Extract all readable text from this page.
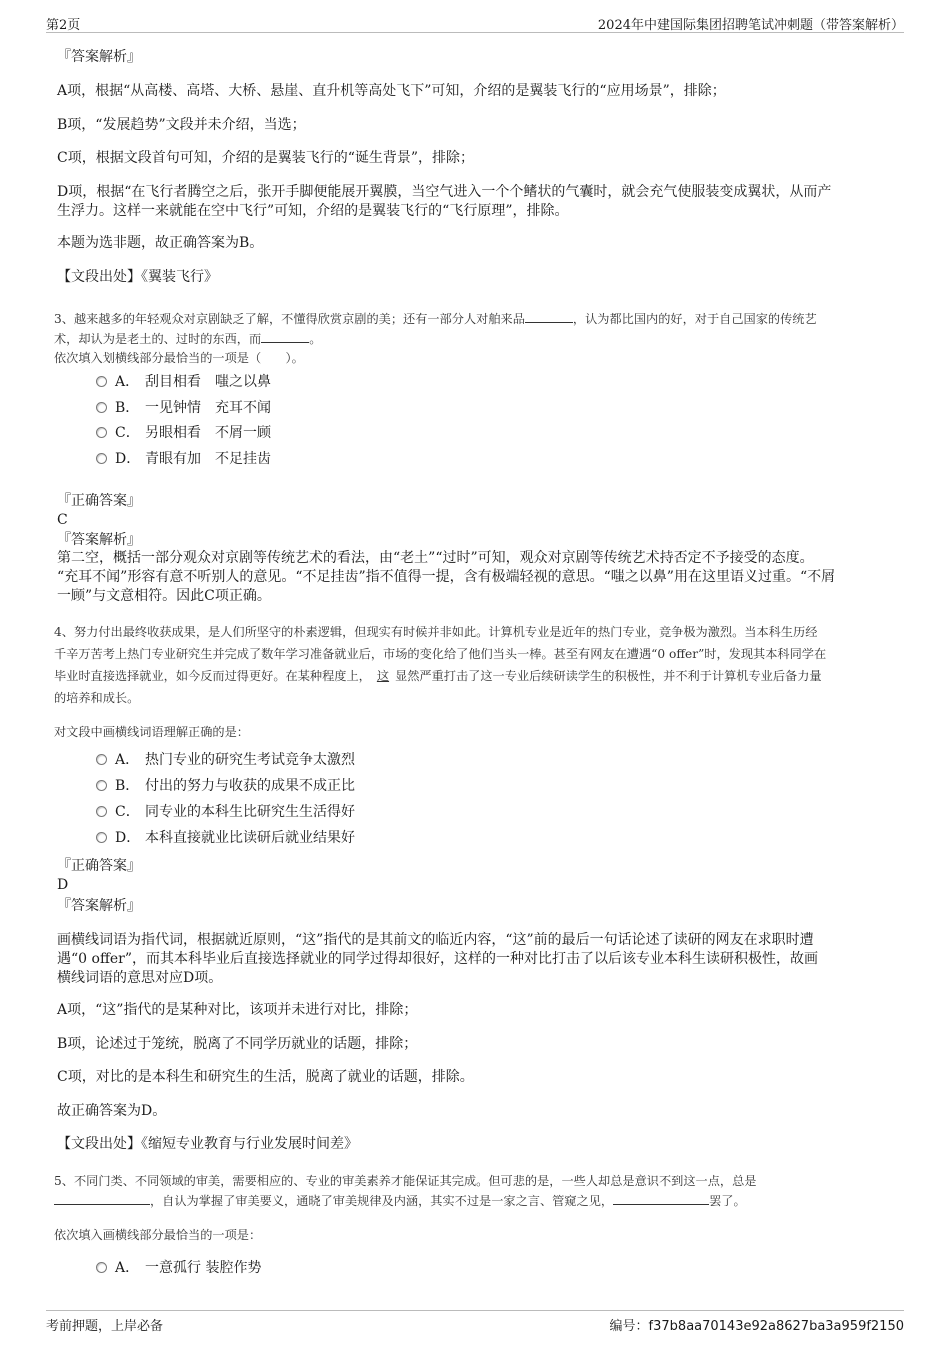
第2页	2024年中建国际集团招聘笔试冲刺题（带答案解析）
『答案解析』
A项，根据“从高楼、高塔、大桥、悬崖、直升机等高处飞下”可知，介绍的是翼装飞行的“应用场景”，排除；
B项，“发展趋势”文段并未介绍，当选；
C项，根据文段首句可知，介绍的是翼装飞行的“诞生背景”，排除；
D项，根据“在飞行者腾空之后，张开手脚便能展开翼膜，当空气进入一个个鳍状的气囊时，就会充气使服装变成翼状，从而产
生浮力。这样一来就能在空中飞行”可知，介绍的是翼装飞行的“飞行原理”，排除。
本题为选非题，故正确答案为B。
【文段出处】《翼装飞行》
3、越来越多的年轻观众对京剧缺乏了解，不懂得欣赏京剧的美；还有一部分人对舶来品	，认为都比国内的好，对于自己国家的传统艺
术，却认为是老土的、过时的东西，而	。
依次填入划横线部分最恰当的一项是（　　）。
A． 刮目相看 嗤之以鼻
B． 一见钟情 充耳不闻
C． 另眼相看 不屑一顾
D． 青眼有加 不足挂齿
『正确答案』
C
『答案解析』
第二空，概括一部分观众对京剧等传统艺术的看法，由“老土”“过时”可知，观众对京剧等传统艺术持否定不予接受的态度。
“充耳不闻”形容有意不听别人的意见。“不足挂齿”指不值得一提，含有极端轻视的意思。“嗤之以鼻”用在这里语义过重。“不屑
一顾”与文意相符。因此C项正确。
4、努力付出最终收获成果，是人们所坚守的朴素逻辑，但现实有时候并非如此。计算机专业是近年的热门专业，竞争极为激烈。当本科生历经
千辛万苦考上热门专业研究生并完成了数年学习准备就业后，市场的变化给了他们当头一棒。甚至有网友在遭遇“0 offer”时，发现其本科同学在
毕业时直接选择就业，如今反而过得更好。在某种程度上， 这 显然严重打击了这一专业后续研读学生的积极性，并不利于计算机专业后备力量
的培养和成长。
对文段中画横线词语理解正确的是：
A． 热门专业的研究生考试竞争太激烈
B． 付出的努力与收获的成果不成正比
C． 同专业的本科生比研究生生活得好
D． 本科直接就业比读研后就业结果好
『正确答案』
D
『答案解析』
画横线词语为指代词，根据就近原则，“这”指代的是其前文的临近内容，“这”前的最后一句话论述了读研的网友在求职时遭
遇“0 offer”，而其本科毕业后直接选择就业的同学过得却很好，这样的一种对比打击了以后该专业本科生读研积极性，故画
横线词语的意思对应D项。
A项，“这”指代的是某种对比，该项并未进行对比，排除；
B项，论述过于笼统，脱离了不同学历就业的话题，排除；
C项，对比的是本科生和研究生的生活，脱离了就业的话题，排除。
故正确答案为D。
【文段出处】《缩短专业教育与行业发展时间差》
5、不同门类、不同领域的审美，需要相应的、专业的审美素养才能保证其完成。但可悲的是，一些人却总是意识不到这一点，总是
，自认为掌握了审美要义，通晓了审美规律及内涵，其实不过是一家之言、管窥之见，	罢了。
依次填入画横线部分最恰当的一项是：
A． 一意孤行 装腔作势
考前押题，上岸必备	编号：f37b8aa70143e92a8627ba3a959f2150
